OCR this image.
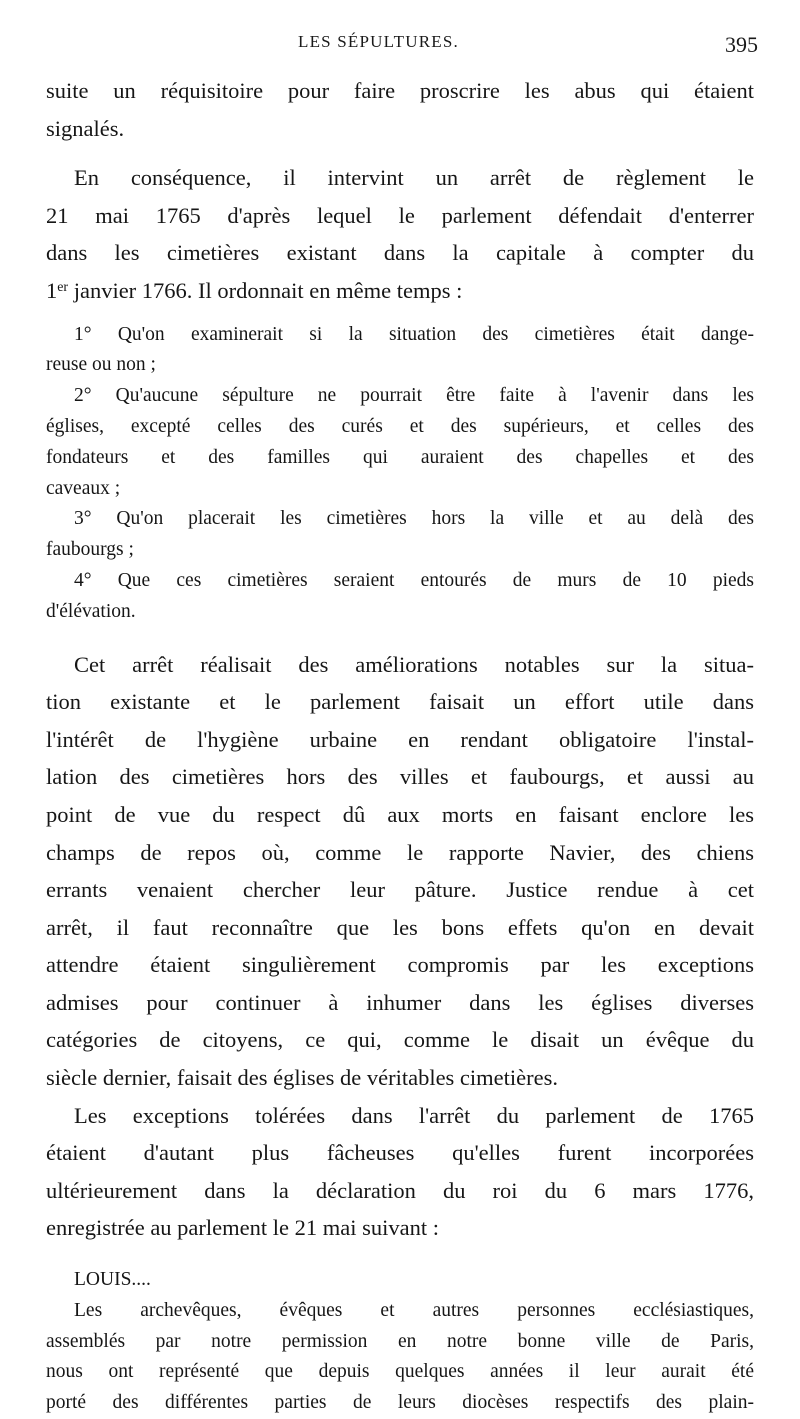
LES SÉPULTURES.	395
suite un réquisitoire pour faire proscrire les abus qui étaient
signalés.
En conséquence, il intervint un arrêt de règlement le
21 mai 1765 d'après lequel le parlement défendait d'enterrer
dans les cimetières existant dans la capitale à compter du
1er janvier 1766. Il ordonnait en même temps :
1° Qu'on examinerait si la situation des cimetières était dange-
reuse ou non ;
2° Qu'aucune sépulture ne pourrait être faite à l'avenir dans les
églises, excepté celles des curés et des supérieurs, et celles des
fondateurs et des familles qui auraient des chapelles et des
caveaux ;
3° Qu'on placerait les cimetières hors la ville et au delà des
faubourgs ;
4° Que ces cimetières seraient entourés de murs de 10 pieds
d'élévation.
Cet arrêt réalisait des améliorations notables sur la situa-
tion existante et le parlement faisait un effort utile dans
l'intérêt de l'hygiène urbaine en rendant obligatoire l'instal-
lation des cimetières hors des villes et faubourgs, et aussi au
point de vue du respect dû aux morts en faisant enclore les
champs de repos où, comme le rapporte Navier, des chiens
errants venaient chercher leur pâture. Justice rendue à cet
arrêt, il faut reconnaître que les bons effets qu'on en devait
attendre étaient singulièrement compromis par les exceptions
admises pour continuer à inhumer dans les églises diverses
catégories de citoyens, ce qui, comme le disait un évêque du
siècle dernier, faisait des églises de véritables cimetières.
Les exceptions tolérées dans l'arrêt du parlement de 1765
étaient d'autant plus fâcheuses qu'elles furent incorporées
ultérieurement dans la déclaration du roi du 6 mars 1776,
enregistrée au parlement le 21 mai suivant :
LOUIS....
Les archevêques, évêques et autres personnes ecclésiastiques,
assemblés par notre permission en notre bonne ville de Paris,
nous ont représenté que depuis quelques années il leur aurait été
porté des différentes parties de leurs diocèses respectifs des plain-
